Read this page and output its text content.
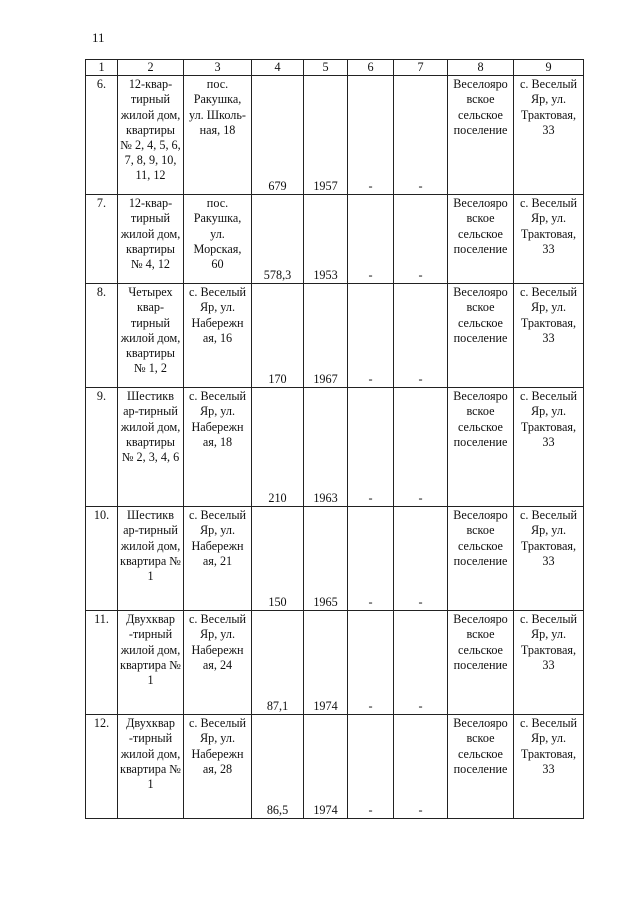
11
1	2	3	4	5	6	7	8	9
6.	12-квар-тирный жилой дом, квартиры № 2, 4, 5, 6, 7, 8, 9, 10, 11, 12	пос. Ракушка, ул. Школь-ная, 18	679	1957	-	-	Веселояро вское сельское поселение	с. Веселый Яр, ул. Трактовая, 33
7.	12-квар-тирный жилой дом, квартиры № 4, 12	пос. Ракушка, ул. Морская, 60	578,3	1953	-	-	Веселояро вское сельское поселение	с. Веселый Яр, ул. Трактовая, 33
8.	Четырех квар-тирный жилой дом, квартиры № 1, 2	с. Веселый Яр, ул. Набережн ая, 16	170	1967	-	-	Веселояро вское сельское поселение	с. Веселый Яр, ул. Трактовая, 33
9.	Шестикв ар-тирный жилой дом, квартиры № 2, 3, 4, 6	с. Веселый Яр, ул. Набережн ая, 18	210	1963	-	-	Веселояро вское сельское поселение	с. Веселый Яр, ул. Трактовая, 33
10.	Шестикв ар-тирный жилой дом, квартира № 1	с. Веселый Яр, ул. Набережн ая, 21	150	1965	-	-	Веселояро вское сельское поселение	с. Веселый Яр, ул. Трактовая, 33
11.	Двухквар -тирный жилой дом, квартира № 1	с. Веселый Яр, ул. Набережн ая, 24	87,1	1974	-	-	Веселояро вское сельское поселение	с. Веселый Яр, ул. Трактовая, 33
12.	Двухквар -тирный жилой дом, квартира № 1	с. Веселый Яр, ул. Набережн ая, 28	86,5	1974	-	-	Веселояро вское сельское поселение	с. Веселый Яр, ул. Трактовая, 33
